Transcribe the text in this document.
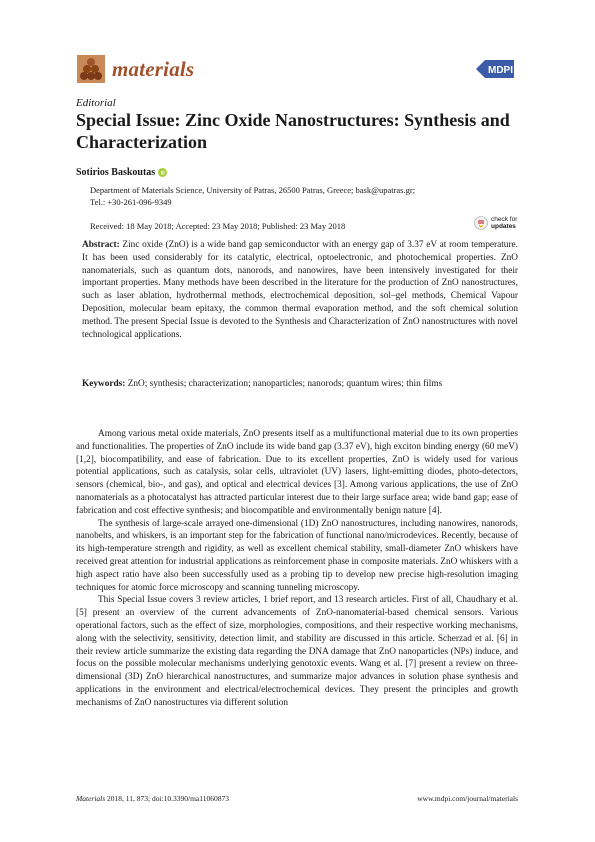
materials	MDPI
Editorial
Special Issue: Zinc Oxide Nanostructures: Synthesis and Characterization
Sotirios Baskoutas
Department of Materials Science, University of Patras, 26500 Patras, Greece; bask@upatras.gr;
Tel.: +30-261-096-9349
Received: 18 May 2018; Accepted: 23 May 2018; Published: 23 May 2018
check for
updates

Abstract: Zinc oxide (ZnO) is a wide band gap semiconductor with an energy gap of 3.37 eV at room temperature. It has been used considerably for its catalytic, electrical, optoelectronic, and photochemical properties. ZnO nanomaterials, such as quantum dots, nanorods, and nanowires, have been intensively investigated for their important properties. Many methods have been described in the literature for the production of ZnO nanostructures, such as laser ablation, hydrothermal methods, electrochemical deposition, sol–gel methods, Chemical Vapour Deposition, molecular beam epitaxy, the common thermal evaporation method, and the soft chemical solution method. The present Special Issue is devoted to the Synthesis and Characterization of ZnO nanostructures with novel technological applications.

Keywords: ZnO; synthesis; characterization; nanoparticles; nanorods; quantum wires; thin films

Among various metal oxide materials, ZnO presents itself as a multifunctional material due to its own properties and functionalities. The properties of ZnO include its wide band gap (3.37 eV), high exciton binding energy (60 meV) [1,2], biocompatibility, and ease of fabrication. Due to its excellent properties, ZnO is widely used for various potential applications, such as catalysis, solar cells, ultraviolet (UV) lasers, light-emitting diodes, photo-detectors, sensors (chemical, bio-, and gas), and optical and electrical devices [3]. Among various applications, the use of ZnO nanomaterials as a photocatalyst has attracted particular interest due to their large surface area; wide band gap; ease of fabrication and cost effective synthesis; and biocompatible and environmentally benign nature [4].

The synthesis of large-scale arrayed one-dimensional (1D) ZnO nanostructures, including nanowires, nanorods, nanobelts, and whiskers, is an important step for the fabrication of functional nano/microdevices. Recently, because of its high-temperature strength and rigidity, as well as excellent chemical stability, small-diameter ZnO whiskers have received great attention for industrial applications as reinforcement phase in composite materials. ZnO whiskers with a high aspect ratio have also been successfully used as a probing tip to develop new precise high-resolution imaging techniques for atomic force microscopy and scanning tunneling microscopy.

This Special Issue covers 3 review articles, 1 brief report, and 13 research articles. First of all, Chaudhary et al. [5] present an overview of the current advancements of ZnO-nanomaterial-based chemical sensors. Various operational factors, such as the effect of size, morphologies, compositions, and their respective working mechanisms, along with the selectivity, sensitivity, detection limit, and stability are discussed in this article. Scherzad et al. [6] in their review article summarize the existing data regarding the DNA damage that ZnO nanoparticles (NPs) induce, and focus on the possible molecular mechanisms underlying genotoxic events. Wang et al. [7] present a review on three-dimensional (3D) ZnO hierarchical nanostructures, and summarize major advances in solution phase synthesis and applications in the environment and electrical/electrochemical devices. They present the principles and growth mechanisms of ZnO nanostructures via different solution

Materials 2018, 11, 873; doi:10.3390/ma11060873	www.mdpi.com/journal/materials
